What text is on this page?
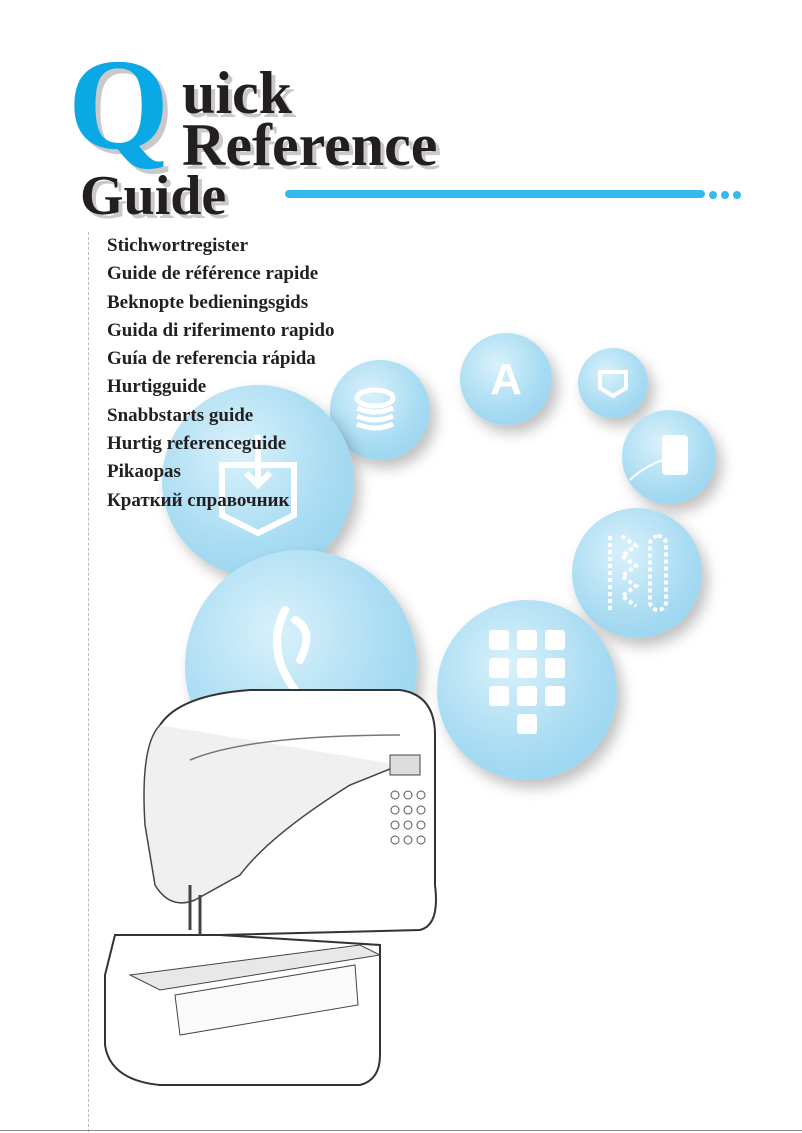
Q uick
Reference
Guide
A
Stichwortregister
Guide de référence rapide
Beknopte bedieningsgids
Guida di riferimento rapido
Guía de referencia rápida
Hurtigguide
Snabbstarts guide
Hurtig referenceguide
Pikaopas
Краткий справочник
